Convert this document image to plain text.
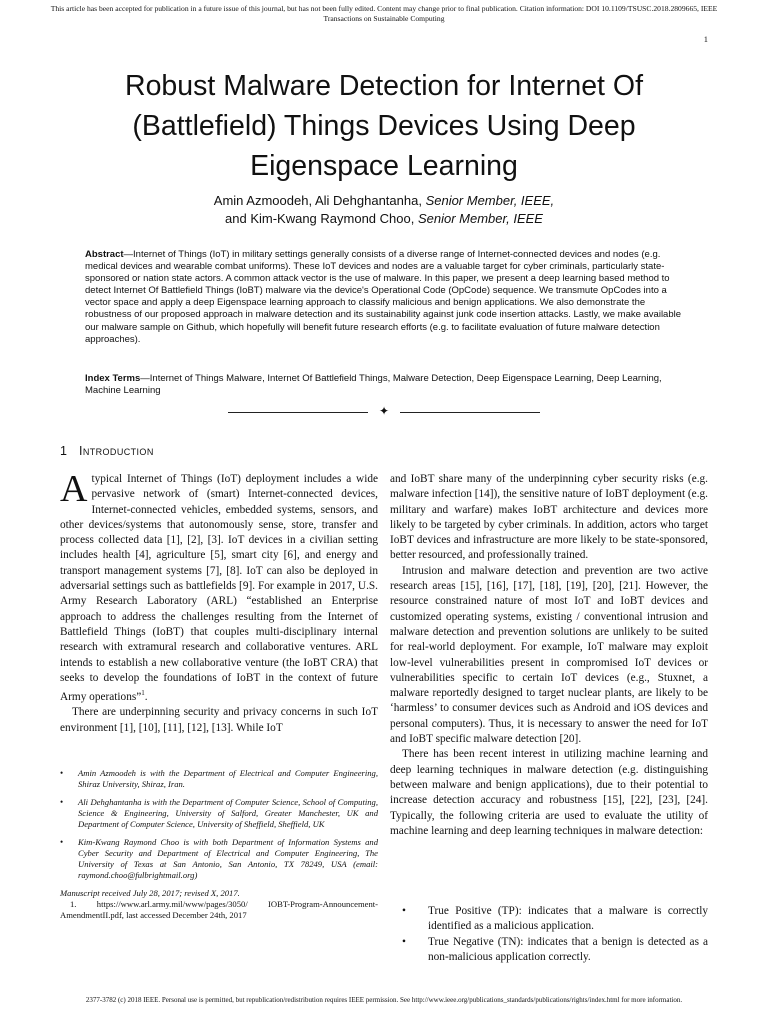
This article has been accepted for publication in a future issue of this journal, but has not been fully edited. Content may change prior to final publication. Citation information: DOI 10.1109/TSUSC.2018.2809665, IEEE
Transactions on Sustainable Computing
1
Robust Malware Detection for Internet Of
(Battlefield) Things Devices Using Deep
Eigenspace Learning
Amin Azmoodeh, Ali Dehghantanha, Senior Member, IEEE,
and Kim-Kwang Raymond Choo, Senior Member, IEEE
Abstract—Internet of Things (IoT) in military settings generally consists of a diverse range of Internet-connected devices and nodes (e.g. medical devices and wearable combat uniforms). These IoT devices and nodes are a valuable target for cyber criminals, particularly state-sponsored or nation state actors. A common attack vector is the use of malware. In this paper, we present a deep learning based method to detect Internet Of Battlefield Things (IoBT) malware via the device's Operational Code (OpCode) sequence. We transmute OpCodes into a vector space and apply a deep Eigenspace learning approach to classify malicious and benign applications. We also demonstrate the robustness of our proposed approach in malware detection and its sustainability against junk code insertion attacks. Lastly, we make available our malware sample on Github, which hopefully will benefit future research efforts (e.g. to facilitate evaluation of future malware detection approaches).
Index Terms—Internet of Things Malware, Internet Of Battlefield Things, Malware Detection, Deep Eigenspace Learning, Deep Learning, Machine Learning
✦
1 Introduction

Atypical Internet of Things (IoT) deployment includes a wide pervasive network of (smart) Internet-connected devices, Internet-connected vehicles, embedded systems, sensors, and other devices/systems that autonomously sense, store, transfer and process collected data [1], [2], [3]. IoT devices in a civilian setting includes health [4], agriculture [5], smart city [6], and energy and transport management systems [7], [8]. IoT can also be deployed in adversarial settings such as battlefields [9]. For example in 2017, U.S. Army Research Laboratory (ARL) “established an Enterprise approach to address the challenges resulting from the Internet of Battlefield Things (IoBT) that couples multi-disciplinary internal research with extramural research and collaborative ventures. ARL intends to establish a new collaborative venture (the IoBT CRA) that seeks to develop the foundations of IoBT in the context of future Army operations”$^1$.

There are underpinning security and privacy concerns in such IoT environment [1], [10], [11], [12], [13]. While IoT

•	Amin Azmoodeh is with the Department of Electrical and Computer Engineering, Shiraz University, Shiraz, Iran.
•	Ali Dehghantanha is with the Department of Computer Science, School of Computing, Science & Engineering, University of Salford, Greater Manchester, UK and Department of Computer Science, University of Sheffield, Sheffield, UK
•	Kim-Kwang Raymond Choo is with both Department of Information Systems and Cyber Security and Department of Electrical and Computer Engineering, The University of Texas at San Antonio, San Antonio, TX 78249, USA (email: raymond.choo@fulbrightmail.org)

Manuscript received July 28, 2017; revised X, 2017.

1. https://www.arl.army.mil/www/pages/3050/ IOBT-Program-Announcement-AmendmentII.pdf, last accessed December 24th, 2017

and IoBT share many of the underpinning cyber security risks (e.g. malware infection [14]), the sensitive nature of IoBT deployment (e.g. military and warfare) makes IoBT architecture and devices more likely to be targeted by cyber criminals. In addition, actors who target IoBT devices and infrastructure are more likely to be state-sponsored, better resourced, and professionally trained.

Intrusion and malware detection and prevention are two active research areas [15], [16], [17], [18], [19], [20], [21]. However, the resource constrained nature of most IoT and IoBT devices and customized operating systems, existing / conventional intrusion and malware detection and prevention solutions are unlikely to be suited for real-world deployment. For example, IoT malware may exploit low-level vulnerabilities present in compromised IoT devices or vulnerabilities specific to certain IoT devices (e.g., Stuxnet, a malware reportedly designed to target nuclear plants, are likely to be ‘harmless’ to consumer devices such as Android and iOS devices and personal computers). Thus, it is necessary to answer the need for IoT and IoBT specific malware detection [20].

There has been recent interest in utilizing machine learning and deep learning techniques in malware detection (e.g. distinguishing between malware and benign applications), due to their potential to increase detection accuracy and robustness [15], [22], [23], [24]. Typically, the following criteria are used to evaluate the utility of machine learning and deep learning techniques in malware detection:

•	True Positive (TP): indicates that a malware is correctly identified as a malicious application.
•	True Negative (TN): indicates that a benign is detected as a non-malicious application correctly.
2377-3782 (c) 2018 IEEE. Personal use is permitted, but republication/redistribution requires IEEE permission. See http://www.ieee.org/publications_standards/publications/rights/index.html for more information.
